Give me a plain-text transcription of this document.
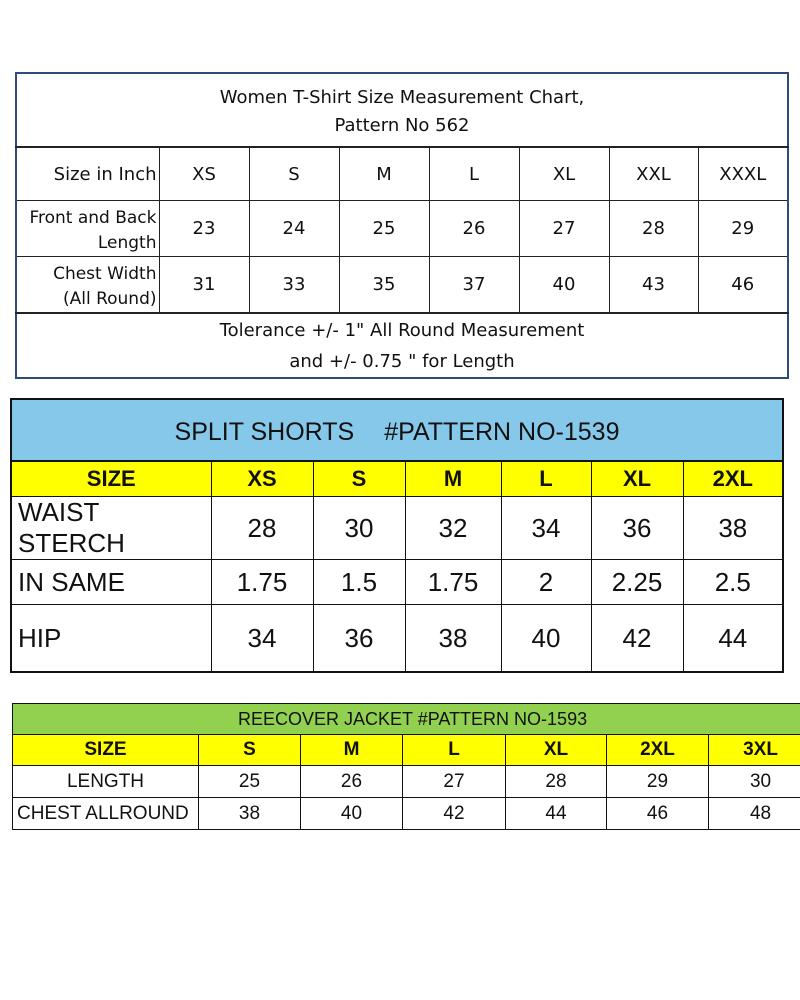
Women T-Shirt Size Measurement Chart,
Pattern No 562							

Size in Inch	XS	S	M	L	XL	XXL	XXXL

Front and Back
Length	23	24	25	26	27	28	29

Chest Width
(All Round)	31	33	35	37	40	43	46

Tolerance +/- 1" All Round Measurement
and +/- 0.75 " for Length							
SPLIT SHORTS #PATTERN NO-1539						
SIZE	XS	S	M	L	XL	2XL
WAIST STERCH	28	30	32	34	36	38
IN SAME	1.75	1.5	1.75	2	2.25	2.5
HIP	34	36	38	40	42	44
REECOVER JACKET #PATTERN NO-1593						
SIZE	S	M	L	XL	2XL	3XL
LENGTH	25	26	27	28	29	30
CHEST ALLROUND	38	40	42	44	46	48
